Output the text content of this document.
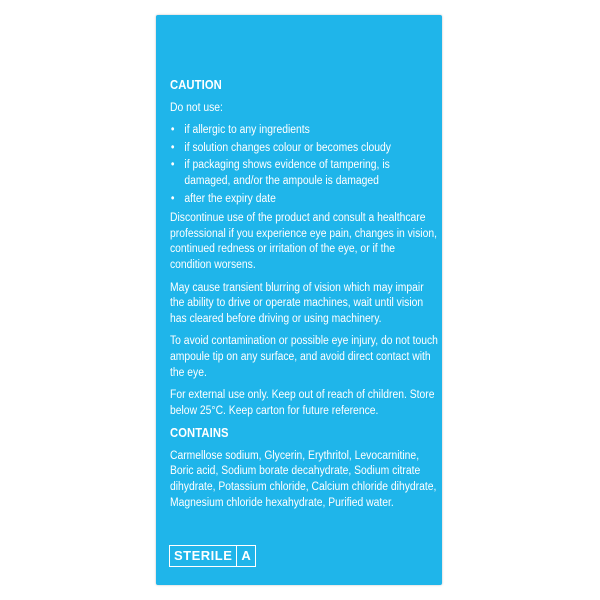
CAUTION

Do not use:

• if allergic to any ingredients
• if solution changes colour or becomes cloudy
• if packaging shows evidence of tampering, is damaged, and/or the ampoule is damaged
• after the expiry date

Discontinue use of the product and consult a healthcare professional if you experience eye pain, changes in vision, continued redness or irritation of the eye, or if the condition worsens.

May cause transient blurring of vision which may impair the ability to drive or operate machines, wait until vision has cleared before driving or using machinery.

To avoid contamination or possible eye injury, do not touch ampoule tip on any surface, and avoid direct contact with the eye.

For external use only. Keep out of reach of children. Store below 25°C. Keep carton for future reference.

CONTAINS

Carmellose sodium, Glycerin, Erythritol, Levocarnitine, Boric acid, Sodium borate decahydrate, Sodium citrate dihydrate, Potassium chloride, Calcium chloride dihydrate, Magnesium chloride hexahydrate, Purified water.

STERILE A
